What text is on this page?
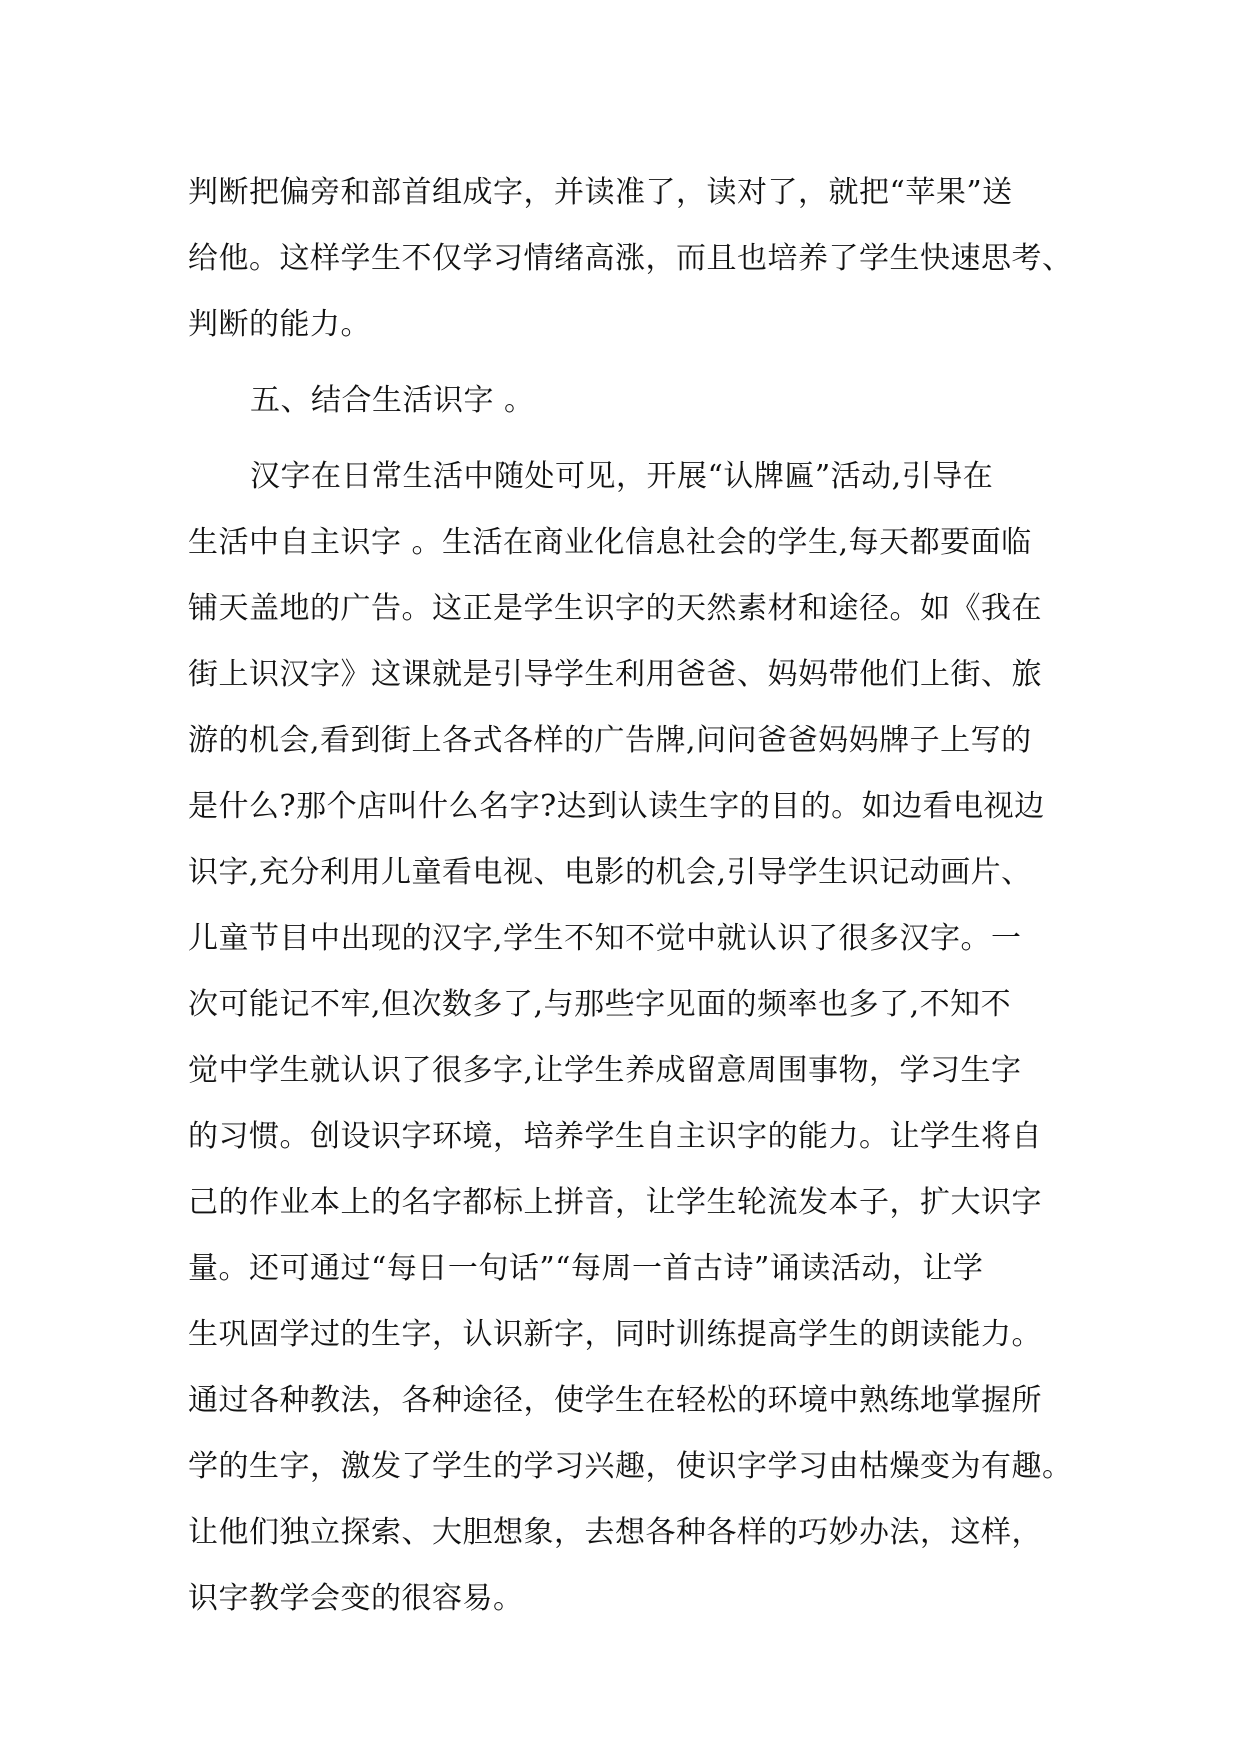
判断把偏旁和部首组成字，并读准了，读对了，就把“苹果”送
给他。这样学生不仅学习情绪高涨，而且也培养了学生快速思考、
判断的能力。
五、结合生活识字 。
汉字在日常生活中随处可见，开展“认牌匾”活动,引导在
生活中自主识字 。生活在商业化信息社会的学生,每天都要面临
铺天盖地的广告。这正是学生识字的天然素材和途径。如《我在
街上识汉字》这课就是引导学生利用爸爸、妈妈带他们上街、旅
游的机会,看到街上各式各样的广告牌,问问爸爸妈妈牌子上写的
是什么?那个店叫什么名字?达到认读生字的目的。如边看电视边
识字,充分利用儿童看电视、电影的机会,引导学生识记动画片、
儿童节目中出现的汉字,学生不知不觉中就认识了很多汉字。一
次可能记不牢,但次数多了,与那些字见面的频率也多了,不知不
觉中学生就认识了很多字,让学生养成留意周围事物，学习生字
的习惯。创设识字环境，培养学生自主识字的能力。让学生将自
己的作业本上的名字都标上拼音，让学生轮流发本子，扩大识字
量。还可通过“每日一句话”“每周一首古诗”诵读活动，让学
生巩固学过的生字，认识新字，同时训练提高学生的朗读能力。
通过各种教法，各种途径，使学生在轻松的环境中熟练地掌握所
学的生字，激发了学生的学习兴趣，使识字学习由枯燥变为有趣。
让他们独立探索、大胆想象，去想各种各样的巧妙办法，这样，
识字教学会变的很容易。
